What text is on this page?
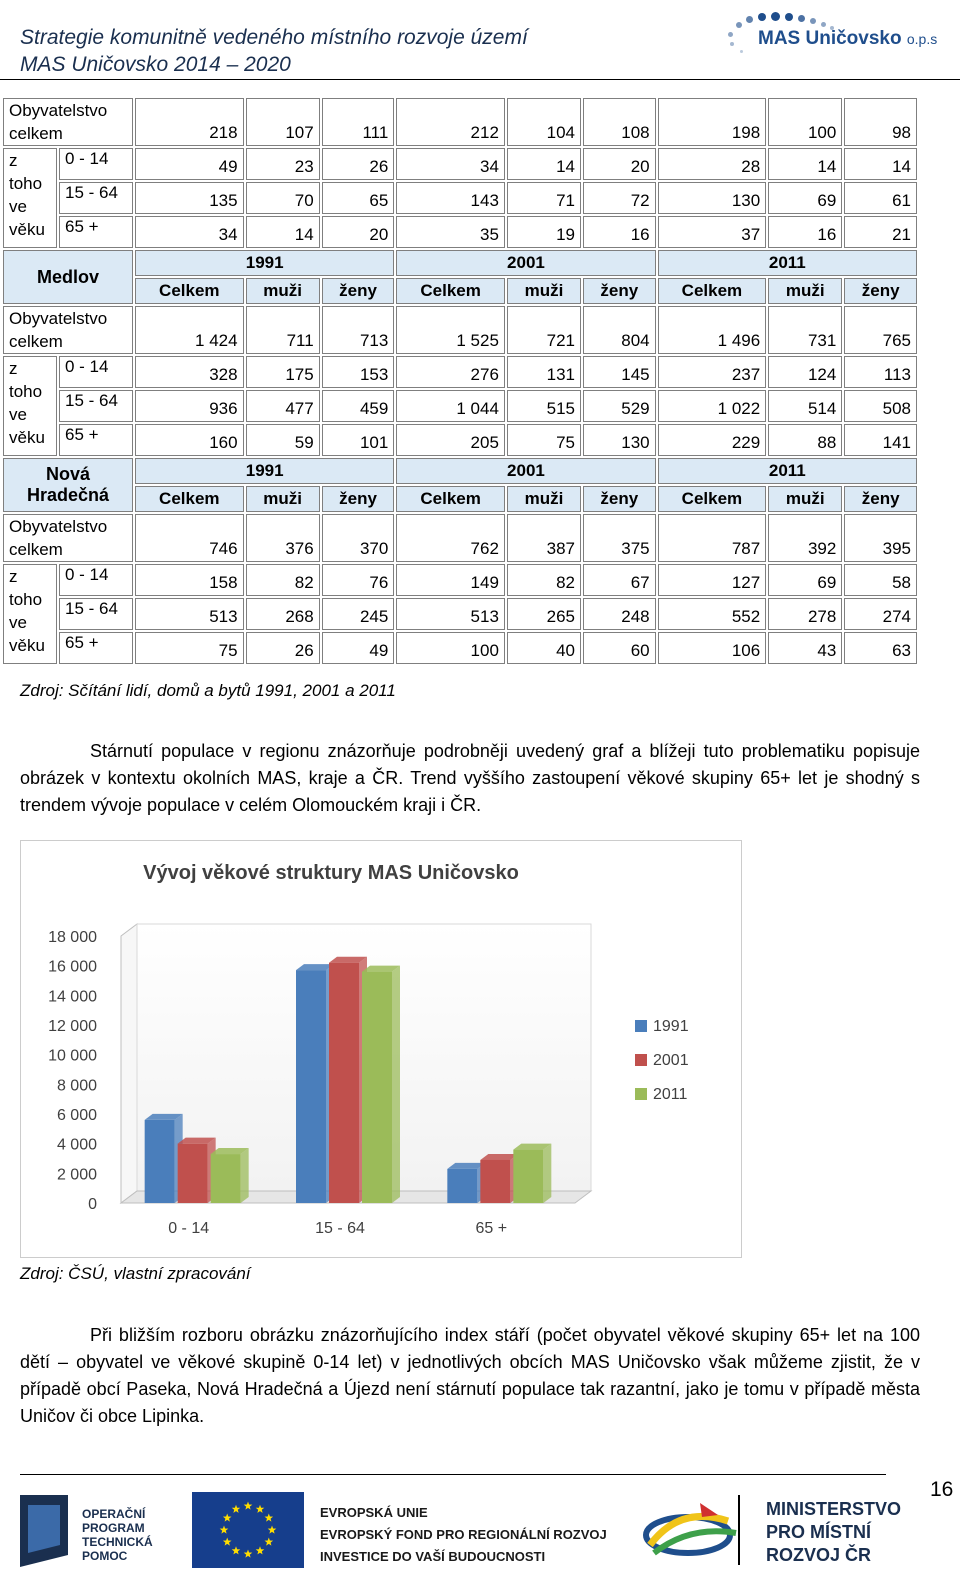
Strategie komunitně vedeného místního rozvoje území
MAS Uničovsko 2014 – 2020
MAS Uničovsko o.p.s
Obyvatelstvo
celkem		218	107	111	212	104	108	198	100	98

z
toho
ve
věku	0 - 14	49	23	26	34	14	20	28	14	14
	15 - 64	135	70	65	143	71	72	130	69	61
	65 +	34	14	20	35	19	16	37	16	21
Medlov		1991			2001			2011		
		Celkem	muži	ženy	Celkem	muži	ženy	Celkem	muži	ženy

Obyvatelstvo
celkem		1 424	711	713	1 525	721	804	1 496	731	765

z
toho
ve
věku	0 - 14	328	175	153	276	131	145	237	124	113
	15 - 64	936	477	459	1 044	515	529	1 022	514	508
	65 +	160	59	101	205	75	130	229	88	141
Nová Hradečná		1991			2001			2011		
		Celkem	muži	ženy	Celkem	muži	ženy	Celkem	muži	ženy

Obyvatelstvo
celkem		746	376	370	762	387	375	787	392	395

z
toho
ve
věku	0 - 14	158	82	76	149	82	67	127	69	58
	15 - 64	513	268	245	513	265	248	552	278	274
	65 +	75	26	49	100	40	60	106	43	63
Zdroj: Sčítání lidí, domů a bytů 1991, 2001 a 2011
Stárnutí populace v regionu znázorňuje podrobněji uvedený graf a blížeji tuto problematiku popisuje obrázek v kontextu okolních MAS, kraje a ČR. Trend vyššího zastoupení věkové skupiny 65+ let je shodný s trendem vývoje populace v celém Olomouckém kraji i ČR.
Vývoj věkové struktury MAS Uničovsko
0
2 000
4 000
6 000
8 000
10 000
12 000
14 000
16 000
18 000
0 - 14	15 - 64	65 +
1991
2001
2011
Zdroj: ČSÚ, vlastní zpracování
Při bližším rozboru obrázku znázorňujícího index stáří (počet obyvatel věkové skupiny 65+ let na 100 dětí – obyvatel ve věkové skupině 0-14 let) v jednotlivých obcích MAS Uničovsko však můžeme zjistit, že v případě obcí Paseka, Nová Hradečná a Újezd není stárnutí populace tak razantní, jako je tomu v případě města Uničov či obce Lipinka.
16
OPERAČNÍ
PROGRAM
TECHNICKÁ
POMOC
EVROPSKÁ UNIE
EVROPSKÝ FOND PRO REGIONÁLNÍ ROZVOJ
INVESTICE DO VAŠÍ BUDOUCNOSTI
MINISTERSTVO
PRO MÍSTNÍ
ROZVOJ ČR
